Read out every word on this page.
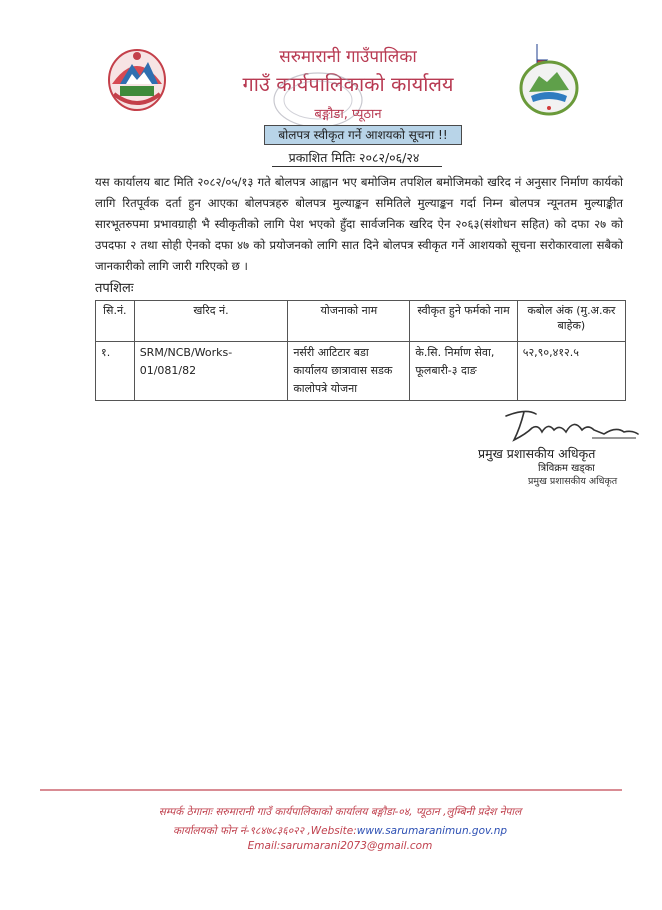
सरुमारानी गाउँपालिका
गाउँ कार्यपालिकाको कार्यालय
बङ्गौडा, प्यूठान
बोलपत्र स्वीकृत गर्ने आशयको सूचना !!
प्रकाशित मितिः २०८२/०६/२४
यस कार्यालय बाट मिति २०८२/०५/१३ गते बोलपत्र आह्वान भए बमोजिम तपशिल बमोजिमको खरिद नं अनुसार निर्माण कार्यको लागि रितपूर्वक दर्ता हुन आएका बोलपत्रहरु बोलपत्र मुल्याङ्कन समितिले मुल्याङ्कन गर्दा निम्न बोलपत्र न्यूनतम मुल्याङ्कीत सारभूतरुपमा प्रभावग्राही भै स्वीकृतीको लागि पेश भएको हुँदा सार्वजनिक खरिद ऐन २०६३(संशोधन सहित) को दफा २७ को उपदफा २ तथा सोही ऐनको दफा ४७ को प्रयोजनको लागि सात दिने बोलपत्र स्वीकृत गर्ने आशयको सूचना सरोकारवाला सबैको जानकारीको लागि जारी गरिएको छ ।
तपशिलः
सि.नं.	खरिद नं.	योजनाको नाम	स्वीकृत हुने फर्मको नाम	कबोल अंक (मु.अ.कर बाहेक)
१.	SRM/NCB/Works-01/081/82	नर्सरी आटिटार बडा कार्यालय छात्रावास सडक कालोपत्रे योजना	के.सि. निर्माण सेवा, फूलबारी-३ दाङ	५२,९०,४१२.५
प्रमुख प्रशासकीय अधिकृत
त्रिविक्रम खड्का
प्रमुख प्रशासकीय अधिकृत
सम्पर्क ठेगानाः सरुमारानी गाउँ कार्यपालिकाको कार्यालय बङ्गौडा-०४, प्यूठान ,लुम्बिनी प्रदेश नेपाल
कार्यालयको फोन नं-९८४७८३६०२२ ,Website:www.sarumaranimun.gov.np
Email:sarumarani2073@gmail.com
